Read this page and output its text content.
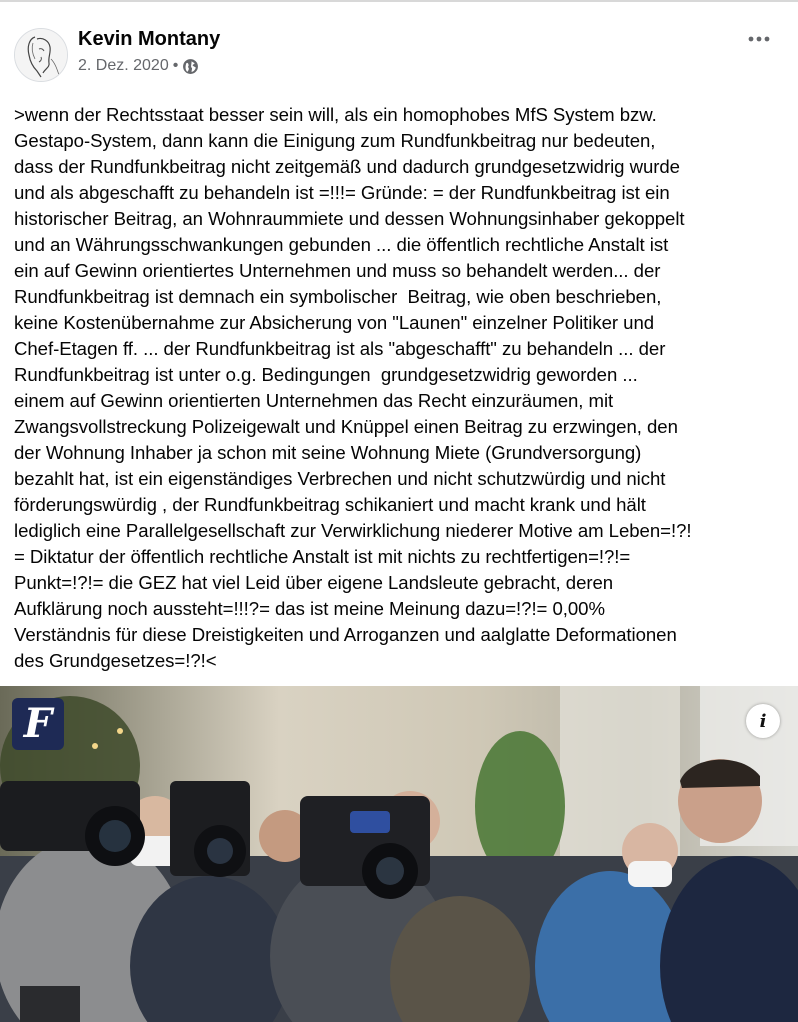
Kevin Montany
2. Dez. 2020 •
>wenn der Rechtsstaat besser sein will, als ein homophobes MfS System bzw.
Gestapo-System, dann kann die Einigung zum Rundfunkbeitrag nur bedeuten,
dass der Rundfunkbeitrag nicht zeitgemäß und dadurch grundgesetzwidrig wurde
und als abgeschafft zu behandeln ist =!!!= Gründe: = der Rundfunkbeitrag ist ein
historischer Beitrag, an Wohnraummiete und dessen Wohnungsinhaber gekoppelt
und an Währungsschwankungen gebunden ... die öffentlich rechtliche Anstalt ist
ein auf Gewinn orientiertes Unternehmen und muss so behandelt werden... der
Rundfunkbeitrag ist demnach ein symbolischer  Beitrag, wie oben beschrieben,
keine Kostenübernahme zur Absicherung von "Launen" einzelner Politiker und
Chef-Etagen ff. ... der Rundfunkbeitrag ist als "abgeschafft" zu behandeln ... der
Rundfunkbeitrag ist unter o.g. Bedingungen  grundgesetzwidrig geworden ...
einem auf Gewinn orientierten Unternehmen das Recht einzuräumen, mit
Zwangsvollstreckung Polizeigewalt und Knüppel einen Beitrag zu erzwingen, den
der Wohnung Inhaber ja schon mit seine Wohnung Miete (Grundversorgung)
bezahlt hat, ist ein eigenständiges Verbrechen und nicht schutzwürdig und nicht
förderungswürdig , der Rundfunkbeitrag schikaniert und macht krank und hält
lediglich eine Parallelgesellschaft zur Verwirklichung niederer Motive am Leben=!?!
= Diktatur der öffentlich rechtliche Anstalt ist mit nichts zu rechtfertigen=!?!=
Punkt=!?!= die GEZ hat viel Leid über eigene Landsleute gebracht, deren
Aufklärung noch aussteht=!!!?= das ist meine Meinung dazu=!?!= 0,00%
Verständnis für diese Dreistigkeiten und Arroganzen und aalglatte Deformationen
des Grundgesetzes=!?!<
F	i
